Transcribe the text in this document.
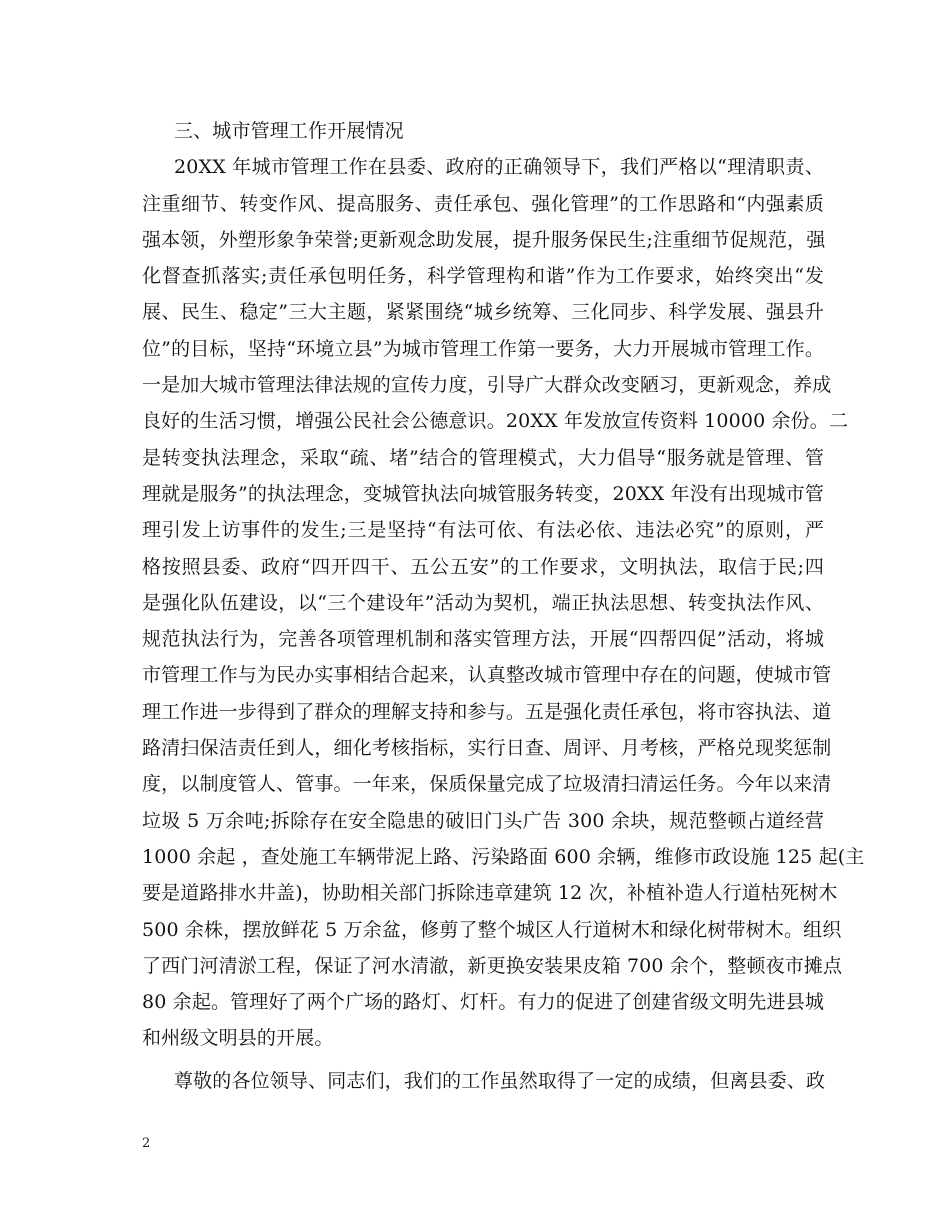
三、城市管理工作开展情况
20XX 年城市管理工作在县委、政府的正确领导下，我们严格以“理清职责、
注重细节、转变作风、提高服务、责任承包、强化管理”的工作思路和“内强素质
强本领，外塑形象争荣誉;更新观念助发展，提升服务保民生;注重细节促规范，强
化督查抓落实;责任承包明任务，科学管理构和谐”作为工作要求，始终突出“发
展、民生、稳定”三大主题，紧紧围绕“城乡统筹、三化同步、科学发展、强县升
位”的目标，坚持“环境立县”为城市管理工作第一要务，大力开展城市管理工作。
一是加大城市管理法律法规的宣传力度，引导广大群众改变陋习，更新观念，养成
良好的生活习惯，增强公民社会公德意识。20XX 年发放宣传资料 10000 余份。二
是转变执法理念，采取“疏、堵”结合的管理模式，大力倡导“服务就是管理、管
理就是服务”的执法理念，变城管执法向城管服务转变，20XX 年没有出现城市管
理引发上访事件的发生;三是坚持“有法可依、有法必依、违法必究”的原则，严
格按照县委、政府“四开四干、五公五安”的工作要求，文明执法，取信于民;四
是强化队伍建设，以“三个建设年”活动为契机，端正执法思想、转变执法作风、
规范执法行为，完善各项管理机制和落实管理方法，开展“四帮四促”活动，将城
市管理工作与为民办实事相结合起来，认真整改城市管理中存在的问题，使城市管
理工作进一步得到了群众的理解支持和参与。五是强化责任承包，将市容执法、道
路清扫保洁责任到人，细化考核指标，实行日查、周评、月考核，严格兑现奖惩制
度，以制度管人、管事。一年来，保质保量完成了垃圾清扫清运任务。今年以来清
垃圾 5 万余吨;拆除存在安全隐患的破旧门头广告 300 余块，规范整顿占道经营
1000 余起 ，查处施工车辆带泥上路、污染路面 600 余辆，维修市政设施 125 起(主
要是道路排水井盖)，协助相关部门拆除违章建筑 12 次，补植补造人行道枯死树木
500 余株，摆放鲜花 5 万余盆，修剪了整个城区人行道树木和绿化树带树木。组织
了西门河清淤工程，保证了河水清澈，新更换安装果皮箱 700 余个，整顿夜市摊点
80 余起。管理好了两个广场的路灯、灯杆。有力的促进了创建省级文明先进县城
和州级文明县的开展。
尊敬的各位领导、同志们，我们的工作虽然取得了一定的成绩，但离县委、政
2
